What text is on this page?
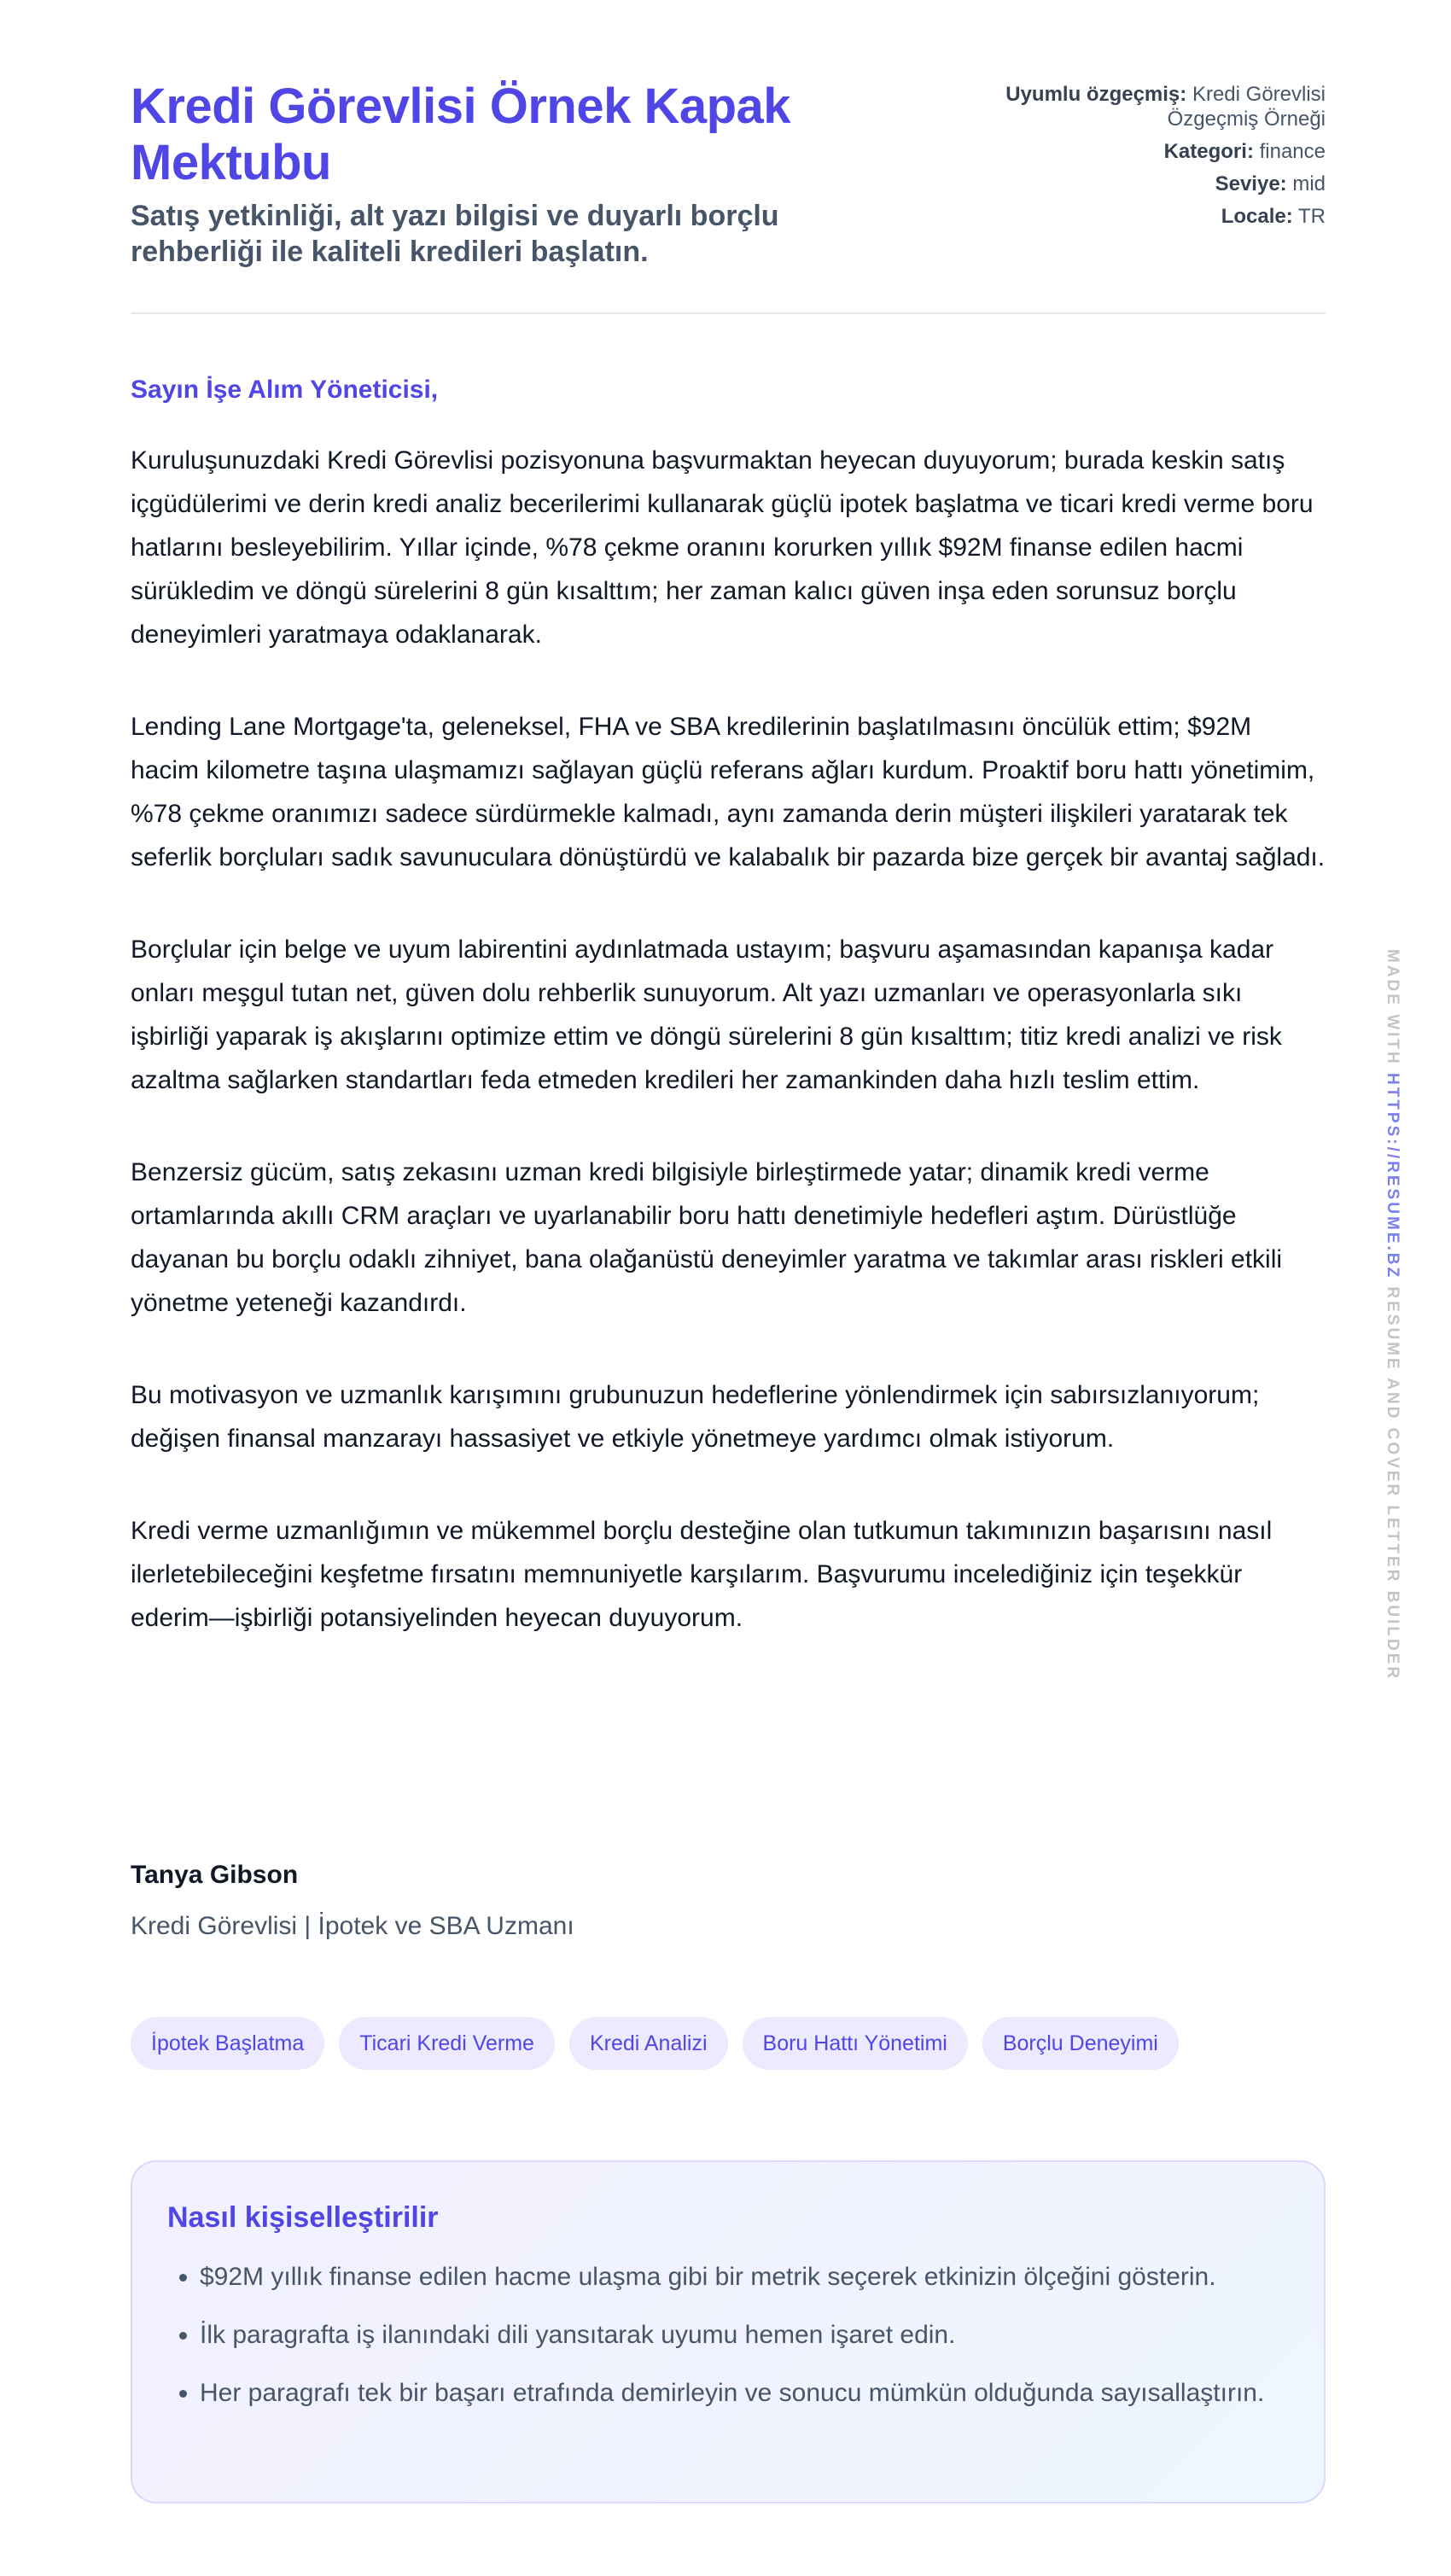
Kredi Görevlisi Örnek Kapak Mektubu

Satış yetkinliği, alt yazı bilgisi ve duyarlı borçlu rehberliği ile kaliteli kredileri başlatın.

Uyumlu özgeçmiş: Kredi Görevlisi Özgeçmiş Örneği
Kategori: finance
Seviye: mid
Locale: TR
Sayın İşe Alım Yöneticisi,

Kuruluşunuzdaki Kredi Görevlisi pozisyonuna başvurmaktan heyecan duyuyorum; burada keskin satış içgüdülerimi ve derin kredi analiz becerilerimi kullanarak güçlü ipotek başlatma ve ticari kredi verme boru hatlarını besleyebilirim. Yıllar içinde, %78 çekme oranını korurken yıllık $92M finanse edilen hacmi sürükledim ve döngü sürelerini 8 gün kısalttım; her zaman kalıcı güven inşa eden sorunsuz borçlu deneyimleri yaratmaya odaklanarak.

Lending Lane Mortgage'ta, geleneksel, FHA ve SBA kredilerinin başlatılmasını öncülük ettim; $92M hacim kilometre taşına ulaşmamızı sağlayan güçlü referans ağları kurdum. Proaktif boru hattı yönetimim, %78 çekme oranımızı sadece sürdürmekle kalmadı, aynı zamanda derin müşteri ilişkileri yaratarak tek seferlik borçluları sadık savunuculara dönüştürdü ve kalabalık bir pazarda bize gerçek bir avantaj sağladı.

Borçlular için belge ve uyum labirentini aydınlatmada ustayım; başvuru aşamasından kapanışa kadar onları meşgul tutan net, güven dolu rehberlik sunuyorum. Alt yazı uzmanları ve operasyonlarla sıkı işbirliği yaparak iş akışlarını optimize ettim ve döngü sürelerini 8 gün kısalttım; titiz kredi analizi ve risk azaltma sağlarken standartları feda etmeden kredileri her zamankinden daha hızlı teslim ettim.

Benzersiz gücüm, satış zekasını uzman kredi bilgisiyle birleştirmede yatar; dinamik kredi verme ortamlarında akıllı CRM araçları ve uyarlanabilir boru hattı denetimiyle hedefleri aştım. Dürüstlüğe dayanan bu borçlu odaklı zihniyet, bana olağanüstü deneyimler yaratma ve takımlar arası riskleri etkili yönetme yeteneği kazandırdı.

Bu motivasyon ve uzmanlık karışımını grubunuzun hedeflerine yönlendirmek için sabırsızlanıyorum; değişen finansal manzarayı hassasiyet ve etkiyle yönetmeye yardımcı olmak istiyorum.

Kredi verme uzmanlığımın ve mükemmel borçlu desteğine olan tutkumun takımınızın başarısını nasıl ilerletebileceğini keşfetme fırsatını memnuniyetle karşılarım. Başvurumu incelediğiniz için teşekkür ederim—işbirliği potansiyelinden heyecan duyuyorum.

Tanya Gibson
Kredi Görevlisi | İpotek ve SBA Uzmanı
İpotek Başlatma	Ticari Kredi Verme	Kredi Analizi	Boru Hattı Yönetimi	Borçlu Deneyimi
Nasıl kişiselleştirilir
• $92M yıllık finanse edilen hacme ulaşma gibi bir metrik seçerek etkinizin ölçeğini gösterin.
• İlk paragrafta iş ilanındaki dili yansıtarak uyumu hemen işaret edin.
• Her paragrafı tek bir başarı etrafında demirleyin ve sonucu mümkün olduğunda sayısallaştırın.
MADE WITH HTTPS://RESUME.BZ RESUME AND COVER LETTER BUILDER
